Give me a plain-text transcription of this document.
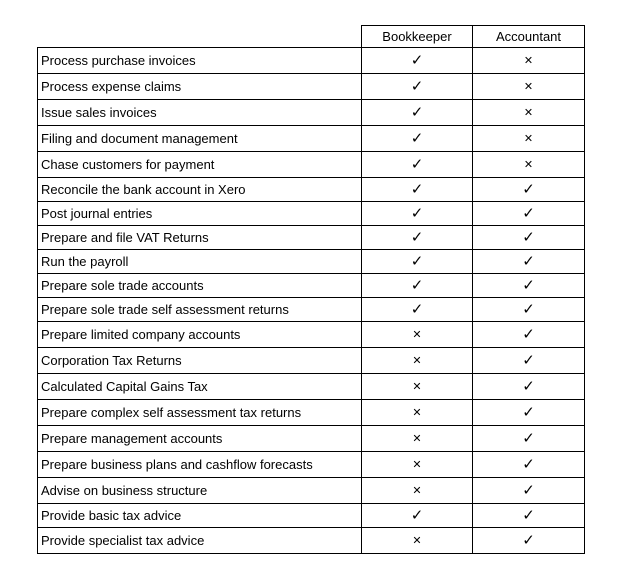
	Bookkeeper	Accountant
Process purchase invoices	✓	✕
Process expense claims	✓	✕
Issue sales invoices	✓	✕
Filing and document management	✓	✕
Chase customers for payment	✓	✕
Reconcile the bank account in Xero	✓	✓
Post journal entries	✓	✓
Prepare and file VAT Returns	✓	✓
Run the payroll	✓	✓
Prepare sole trade accounts	✓	✓
Prepare sole trade self assessment returns	✓	✓
Prepare limited company accounts	✕	✓
Corporation Tax Returns	✕	✓
Calculated Capital Gains Tax	✕	✓
Prepare complex self assessment tax returns	✕	✓
Prepare management accounts	✕	✓
Prepare business plans and cashflow forecasts	✕	✓
Advise on business structure	✕	✓
Provide basic tax advice	✓	✓
Provide specialist tax advice	✕	✓
